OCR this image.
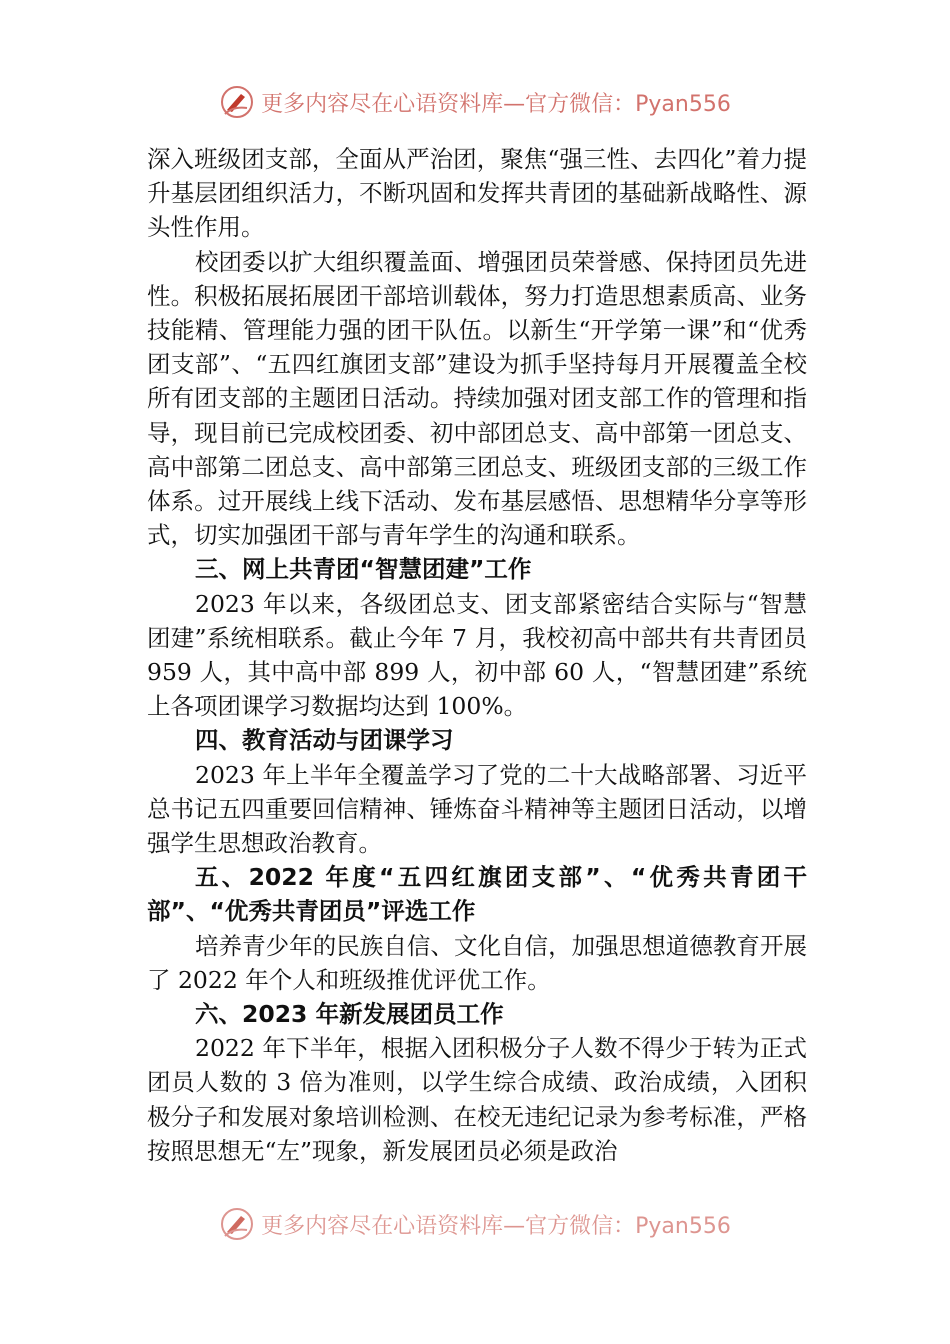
更多内容尽在心语资料库—官方微信：Pyan556

深入班级团支部，全面从严治团，聚焦“强三性、去四化”着力提升基层团组织活力，不断巩固和发挥共青团的基础新战略性、源头性作用。

校团委以扩大组织覆盖面、增强团员荣誉感、保持团员先进性。积极拓展拓展团干部培训载体，努力打造思想素质高、业务技能精、管理能力强的团干队伍。以新生“开学第一课”和“优秀团支部”、“五四红旗团支部”建设为抓手坚持每月开展覆盖全校所有团支部的主题团日活动。持续加强对团支部工作的管理和指导，现目前已完成校团委、初中部团总支、高中部第一团总支、高中部第二团总支、高中部第三团总支、班级团支部的三级工作体系。过开展线上线下活动、发布基层感悟、思想精华分享等形式，切实加强团干部与青年学生的沟通和联系。

三、网上共青团“智慧团建”工作

2023 年以来，各级团总支、团支部紧密结合实际与“智慧团建”系统相联系。截止今年 7 月，我校初高中部共有共青团员 959 人，其中高中部 899 人，初中部 60 人，“智慧团建”系统上各项团课学习数据均达到 100%。

四、教育活动与团课学习

2023 年上半年全覆盖学习了党的二十大战略部署、习近平总书记五四重要回信精神、锤炼奋斗精神等主题团日活动，以增强学生思想政治教育。

五、2022 年度“五四红旗团支部”、“优秀共青团干部”、“优秀共青团员”评选工作

培养青少年的民族自信、文化自信，加强思想道德教育开展了 2022 年个人和班级推优评优工作。

六、2023 年新发展团员工作

2022 年下半年，根据入团积极分子人数不得少于转为正式团员人数的 3 倍为准则，以学生综合成绩、政治成绩，入团积极分子和发展对象培训检测、在校无违纪记录为参考标准，严格按照思想无“左”现象，新发展团员必须是政治

更多内容尽在心语资料库—官方微信：Pyan556
